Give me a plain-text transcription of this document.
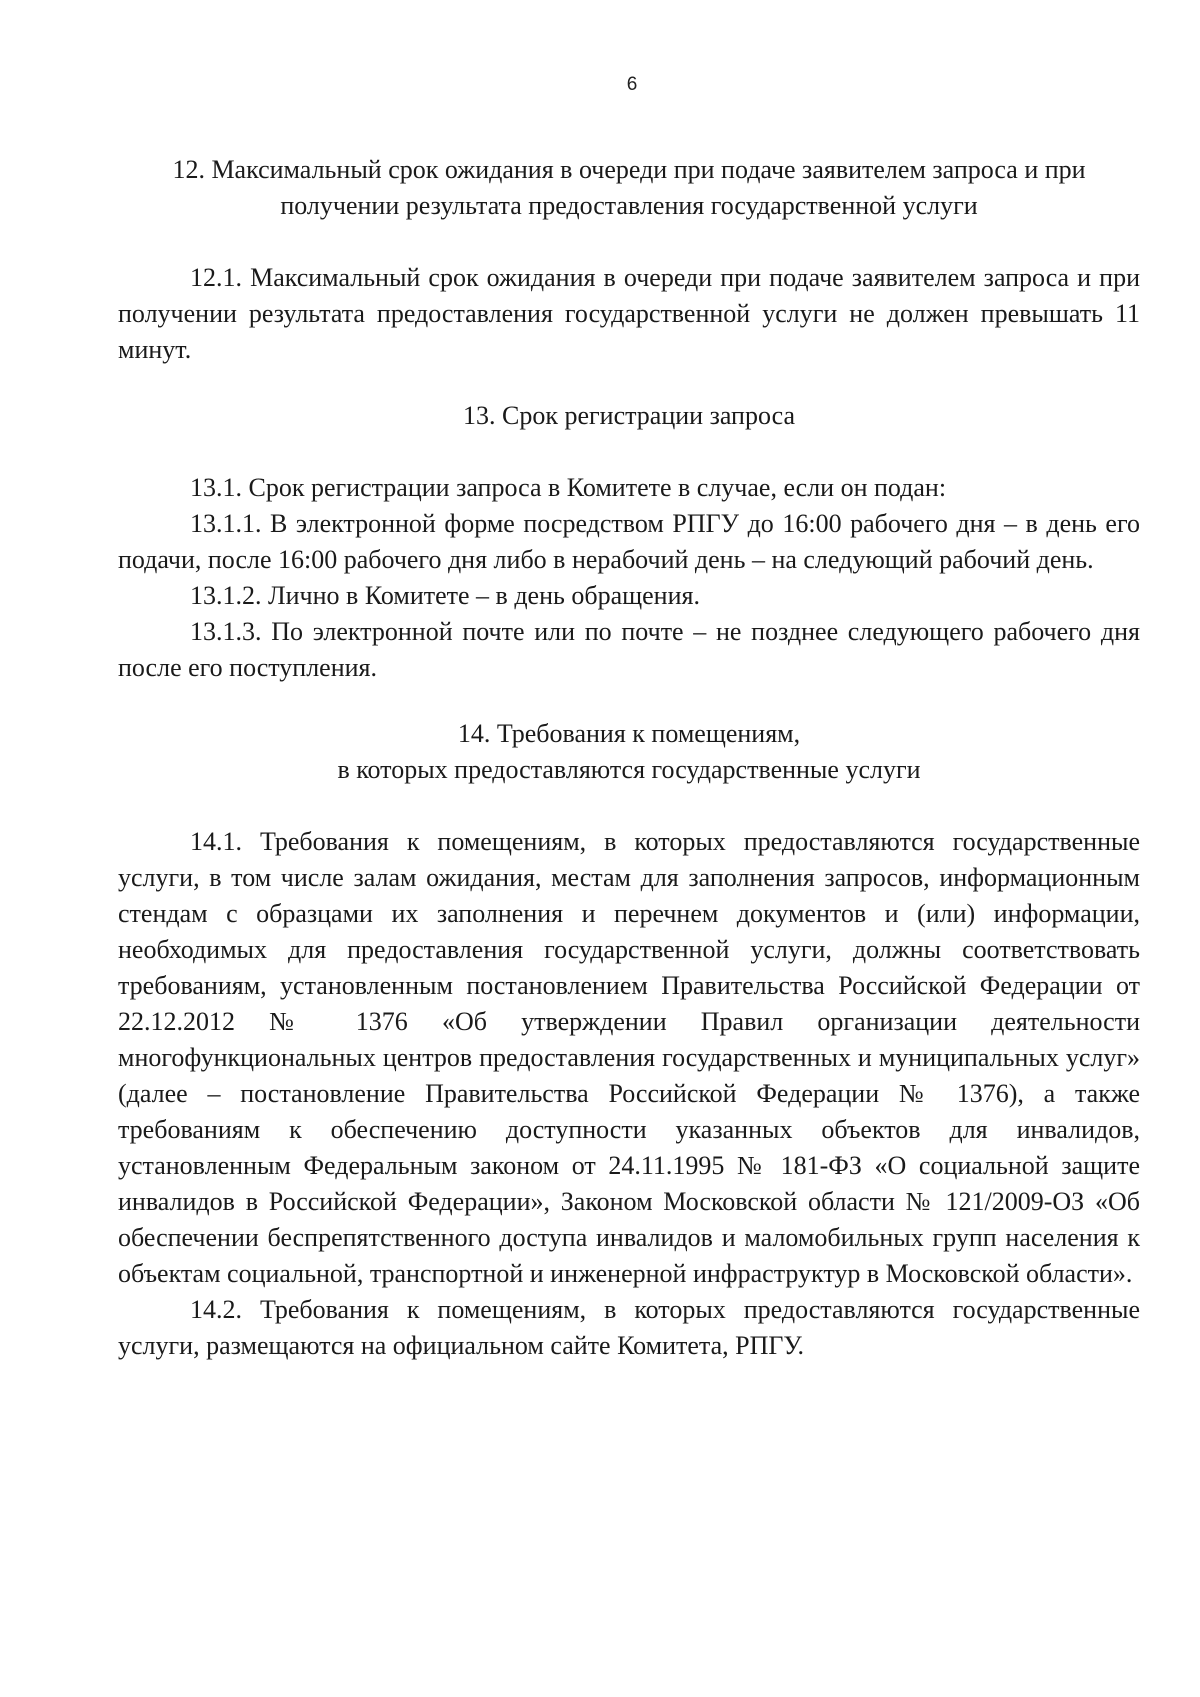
6
12. Максимальный срок ожидания в очереди при подаче заявителем запроса и при
получении результата предоставления государственной услуги

12.1. Максимальный срок ожидания в очереди при подаче заявителем запроса и при получении результата предоставления государственной услуги не должен превышать 11 минут.

13. Срок регистрации запроса

13.1. Срок регистрации запроса в Комитете в случае, если он подан:

13.1.1. В электронной форме посредством РПГУ до 16:00 рабочего дня – в день его подачи, после 16:00 рабочего дня либо в нерабочий день – на следующий рабочий день.

13.1.2. Лично в Комитете – в день обращения.

13.1.3. По электронной почте или по почте – не позднее следующего рабочего дня после его поступления.

14. Требования к помещениям,
в которых предоставляются государственные услуги

14.1. Требования к помещениям, в которых предоставляются государственные услуги, в том числе залам ожидания, местам для заполнения запросов, информационным стендам с образцами их заполнения и перечнем документов и (или) информации, необходимых для предоставления государственной услуги, должны соответствовать требованиям, установленным постановлением Правительства Российской Федерации от 22.12.2012 № 1376 «Об утверждении Правил организации деятельности многофункциональных центров предоставления государственных и муниципальных услуг» (далее – постановление Правительства Российской Федерации № 1376), а также требованиям к обеспечению доступности указанных объектов для инвалидов, установленным Федеральным законом от 24.11.1995 № 181-ФЗ «О социальной защите инвалидов в Российской Федерации», Законом Московской области № 121/2009-ОЗ «Об обеспечении беспрепятственного доступа инвалидов и маломобильных групп населения к объектам социальной, транспортной и инженерной инфраструктур в Московской области».

14.2. Требования к помещениям, в которых предоставляются государственные услуги, размещаются на официальном сайте Комитета, РПГУ.
